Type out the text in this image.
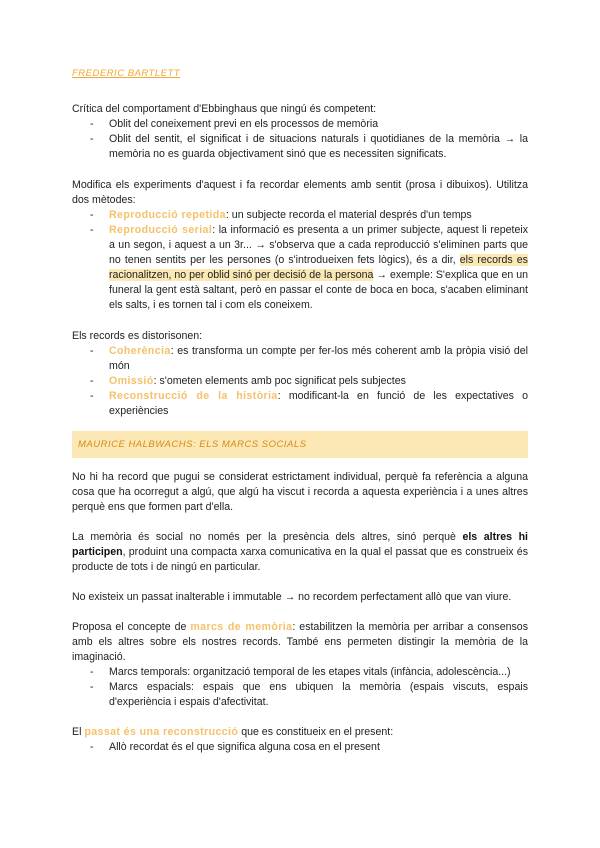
FREDERIC BARTLETT

Crítica del comportament d'Ebbinghaus que ningú és competent:

- Oblit del coneixement previ en els processos de memòria
- Oblit del sentit, el significat i de situacions naturals i quotidianes de la memòria → la memòria no es guarda objectivament sinó que es necessiten significats.

Modifica els experiments d'aquest i fa recordar elements amb sentit (prosa i dibuixos). Utilitza dos mètodes:

- Reproducció repetida: un subjecte recorda el material després d'un temps
- Reproducció serial: la informació es presenta a un primer subjecte, aquest li repeteix a un segon, i aquest a un 3r... → s'observa que a cada reproducció s'eliminen parts que no tenen sentits per les persones (o s'introdueixen fets lògics), és a dir, els records es racionalitzen, no per oblid sinó per decisió de la persona → exemple: S'explica que en un funeral la gent està saltant, però en passar el conte de boca en boca, s'acaben eliminant els salts, i es tornen tal i com els coneixem.

Els records es distorisonen:

- Coherència: es transforma un compte per fer-los més coherent amb la pròpia visió del món
- Omissió: s'ometen elements amb poc significat pels subjectes
- Reconstrucció de la història: modificant-la en funció de les expectatives o experiències
MAURICE HALBWACHS: ELS MARCS SOCIALS

No hi ha record que pugui se considerat estrictament individual, perquè fa referència a alguna cosa que ha ocorregut a algú, que algú ha viscut i recorda a aquesta experiència i a unes altres perquè ens que formen part d'ella.

La memòria és social no només per la presència dels altres, sinó perquè els altres hi participen, produint una compacta xarxa comunicativa en la qual el passat que es construeix és producte de tots i de ningú en particular.

No existeix un passat inalterable i immutable → no recordem perfectament allò que van viure.

Proposa el concepte de marcs de memòria: estabilitzen la memòria per arribar a consensos amb els altres sobre els nostres records. També ens permeten distingir la memòria de la imaginació.

- Marcs temporals: organització temporal de les etapes vitals (infància, adolescència...)
- Marcs espacials: espais que ens ubiquen la memòria (espais viscuts, espais d'experiència i espais d'afectivitat.

El passat és una reconstrucció que es constitueix en el present:

- Allò recordat és el que significa alguna cosa en el present
